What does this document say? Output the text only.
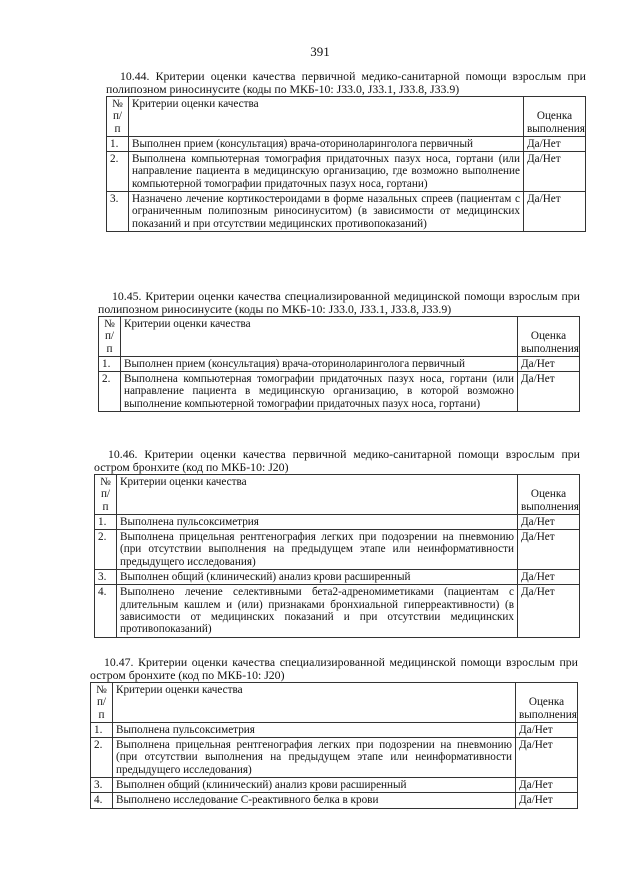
391
10.44. Критерии оценки качества первичной медико-санитарной помощи взрослым при полипозном риносинусите (коды по МКБ-10: J33.0, J33.1, J33.8, J33.9)
№ п/п	Критерии оценки качества	Оценка выполнения
1.	Выполнен прием (консультация) врача-оториноларинголога первичный	Да/Нет
2.	Выполнена компьютерная томография придаточных пазух носа, гортани (или направление пациента в медицинскую организацию, где возможно выполнение компьютерной томографии придаточных пазух носа, гортани)	Да/Нет
3.	Назначено лечение кортикостероидами в форме назальных спреев (пациентам с ограниченным полипозным риносинуситом) (в зависимости от медицинских показаний и при отсутствии медицинских противопоказаний)	Да/Нет
10.45. Критерии оценки качества специализированной медицинской помощи взрослым при полипозном риносинусите (коды по МКБ-10: J33.0, J33.1, J33.8, J33.9)
№ п/п	Критерии оценки качества	Оценка выполнения
1.	Выполнен прием (консультация) врача-оториноларинголога первичный	Да/Нет
2.	Выполнена компьютерная томографии придаточных пазух носа, гортани (или направление пациента в медицинскую организацию, в которой возможно выполнение компьютерной томографии придаточных пазух носа, гортани)	Да/Нет
10.46. Критерии оценки качества первичной медико-санитарной помощи взрослым при остром бронхите (код по МКБ-10: J20)
№ п/п	Критерии оценки качества	Оценка выполнения
1.	Выполнена пульсоксиметрия	Да/Нет
2.	Выполнена прицельная рентгенография легких при подозрении на пневмонию (при отсутствии выполнения на предыдущем этапе или неинформативности предыдущего исследования)	Да/Нет
3.	Выполнен общий (клинический) анализ крови расширенный	Да/Нет
4.	Выполнено лечение селективными бета2-адреномиметиками (пациентам с длительным кашлем и (или) признаками бронхиальной гиперреактивности) (в зависимости от медицинских показаний и при отсутствии медицинских противопоказаний)	Да/Нет
10.47. Критерии оценки качества специализированной медицинской помощи взрослым при остром бронхите (код по МКБ-10: J20)
№ п/п	Критерии оценки качества	Оценка выполнения
1.	Выполнена пульсоксиметрия	Да/Нет
2.	Выполнена прицельная рентгенография легких при подозрении на пневмонию (при отсутствии выполнения на предыдущем этапе или неинформативности предыдущего исследования)	Да/Нет
3.	Выполнен общий (клинический) анализ крови расширенный	Да/Нет
4.	Выполнено исследование С-реактивного белка в крови	Да/Нет
